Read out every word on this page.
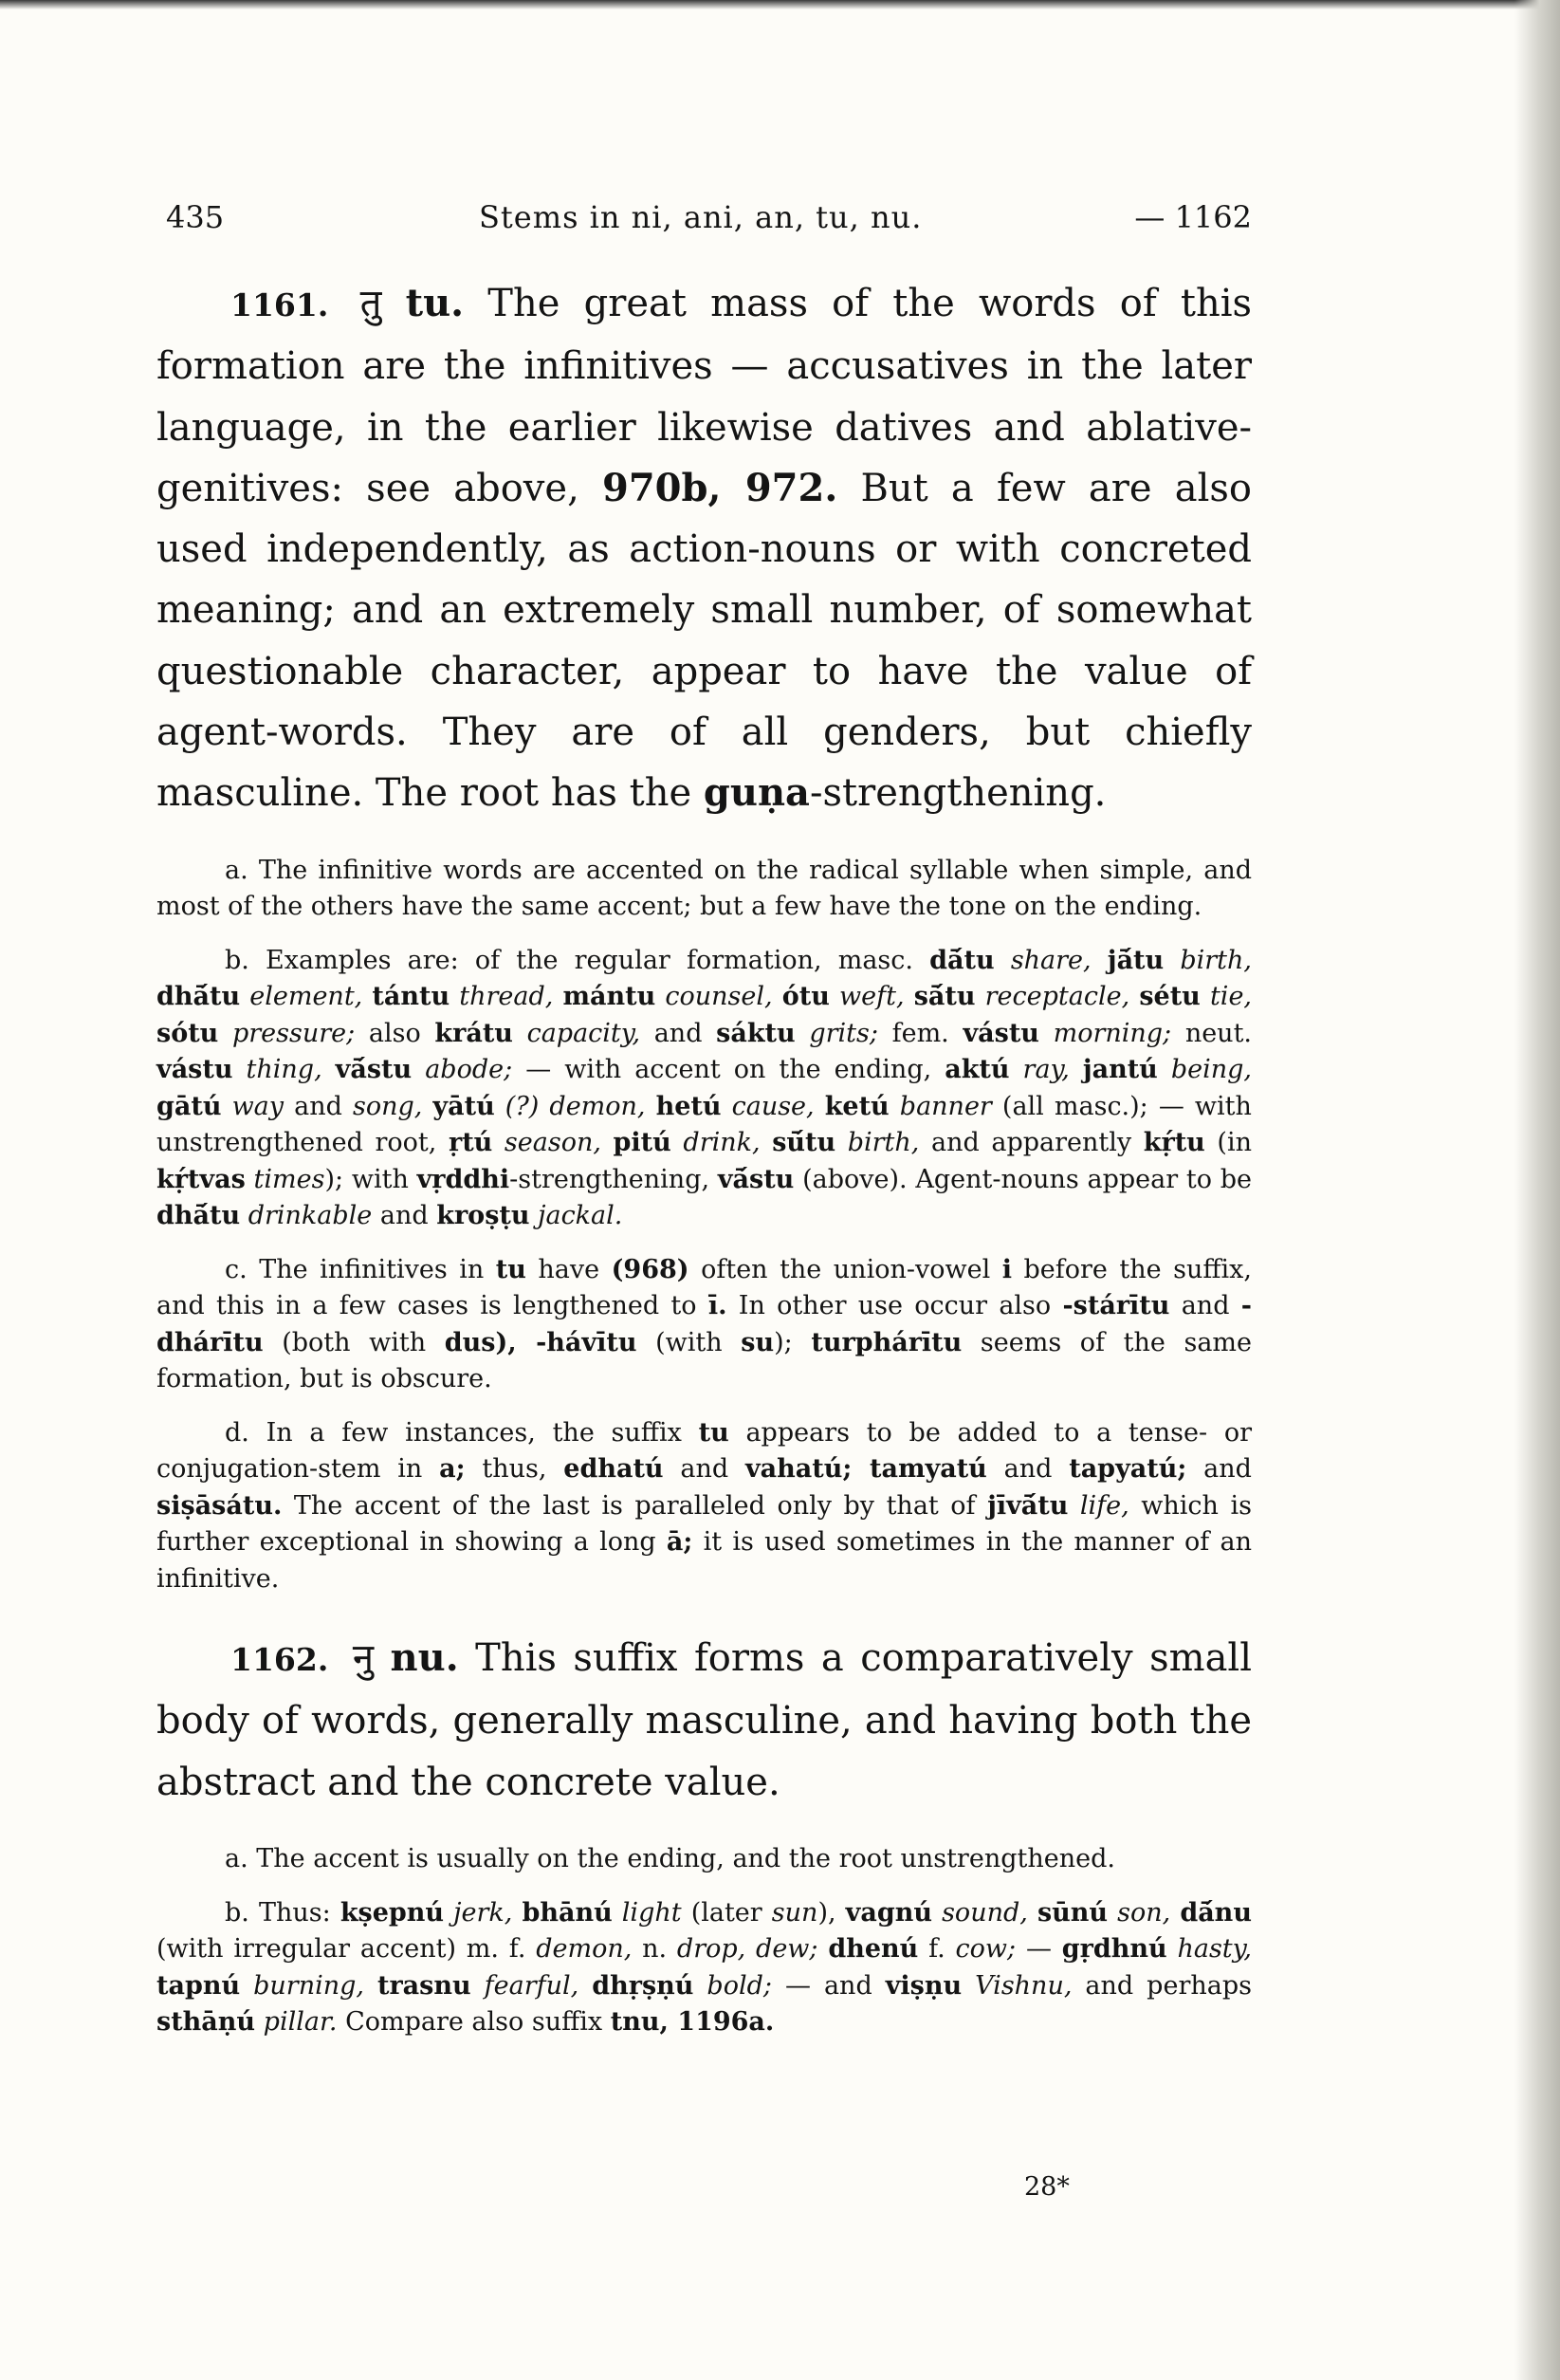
435	Stems in ni, ani, an, tu, nu.	— 1162

1161. तु tu. The great mass of the words of this formation are the infinitives — accusatives in the later language, in the earlier likewise datives and ablative-genitives: see above, 970b, 972. But a few are also used independently, as action-nouns or with concreted meaning; and an extremely small number, of somewhat questionable character, appear to have the value of agent-words. They are of all genders, but chiefly masculine. The root has the guṇa-strengthening.

a. The infinitive words are accented on the radical syllable when simple, and most of the others have the same accent; but a few have the tone on the ending.

b. Examples are: of the regular formation, masc. dā́tu share, jā́tu birth, dhā́tu element, tántu thread, mántu counsel, ótu weft, sā́tu receptacle, sétu tie, sótu pressure; also krátu capacity, and sáktu grits; fem. vástu morning; neut. vástu thing, vā́stu abode; — with accent on the ending, aktú ray, jantú being, gātú way and song, yātú (?) demon, hetú cause, ketú banner (all masc.); — with unstrengthened root, ṛtú season, pitú drink, sū́tu birth, and apparently kṛ́tu (in kṛ́tvas times); with vṛddhi-strengthening, vā́stu (above). Agent-nouns appear to be dhā́tu drinkable and kroṣṭu jackal.

c. The infinitives in tu have (968) often the union-vowel i before the suffix, and this in a few cases is lengthened to ī. In other use occur also -stárītu and -dhárītu (both with dus), -hávītu (with su); turphárītu seems of the same formation, but is obscure.

d. In a few instances, the suffix tu appears to be added to a tense- or conjugation-stem in a; thus, edhatú and vahatú; tamyatú and tapyatú; and siṣāsátu. The accent of the last is paralleled only by that of jīvā́tu life, which is further exceptional in showing a long ā; it is used sometimes in the manner of an infinitive.

1162. नु nu. This suffix forms a comparatively small body of words, generally masculine, and having both the abstract and the concrete value.

a. The accent is usually on the ending, and the root unstrengthened.

b. Thus: kṣepnú jerk, bhānú light (later sun), vagnú sound, sūnú son, dā́nu (with irregular accent) m. f. demon, n. drop, dew; dhenú f. cow; — gṛdhnú hasty, tapnú burning, trasnu fearful, dhṛṣṇú bold; — and viṣṇu Vishnu, and perhaps sthāṇú pillar. Compare also suffix tnu, 1196a.

28*
